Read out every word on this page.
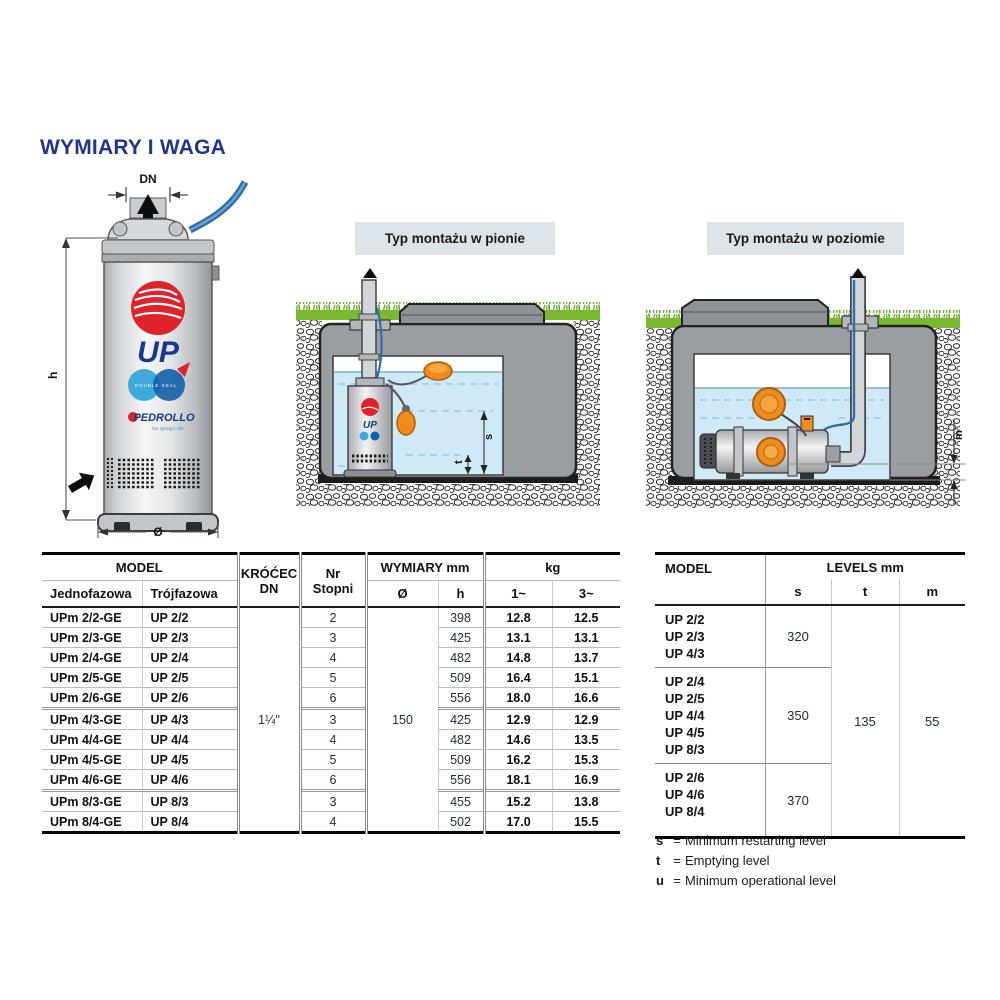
WYMIARY I WAGA
DN
UP
DOUBLE SEAL
PEDROLLO
the spring in life
h
Ø
Typ montażu w pionie	Typ montażu w poziomie
UP
s
t
m
MODEL	KRÓĆEC
DN

Nr
Stopni
	WYMIARY mm	kg
Jednofazowa	Trójfazowa			Ø	h	1~	3~
UPm 2/2-GE	UP 2/2	1¼"	2	150	398	12.8	12.5
UPm 2/3-GE	UP 2/3		3		425	13.1	13.1
UPm 2/4-GE	UP 2/4		4		482	14.8	13.7
UPm 2/5-GE	UP 2/5		5		509	16.4	15.1
UPm 2/6-GE	UP 2/6		6		556	18.0	16.6
UPm 4/3-GE	UP 4/3		3		425	12.9	12.9
UPm 4/4-GE	UP 4/4		4		482	14.6	13.5
UPm 4/5-GE	UP 4/5		5		509	16.2	15.3
UPm 4/6-GE	UP 4/6		6		556	18.1	16.9
UPm 8/3-GE	UP 8/3		3		455	15.2	13.8
UPm 8/4-GE	UP 8/4		4		502	17.0	15.5
MODEL	LEVELS mm		
	s	t	m

UP 2/2
UP 2/3
UP 4/3	320	135	55

UP 2/4
UP 2/5
UP 4/4
UP 4/5
UP 8/3	350		

UP 2/6
UP 4/6
UP 8/4	370		
s = Minimum restarting level
t = Emptying level
u = Minimum operational level
